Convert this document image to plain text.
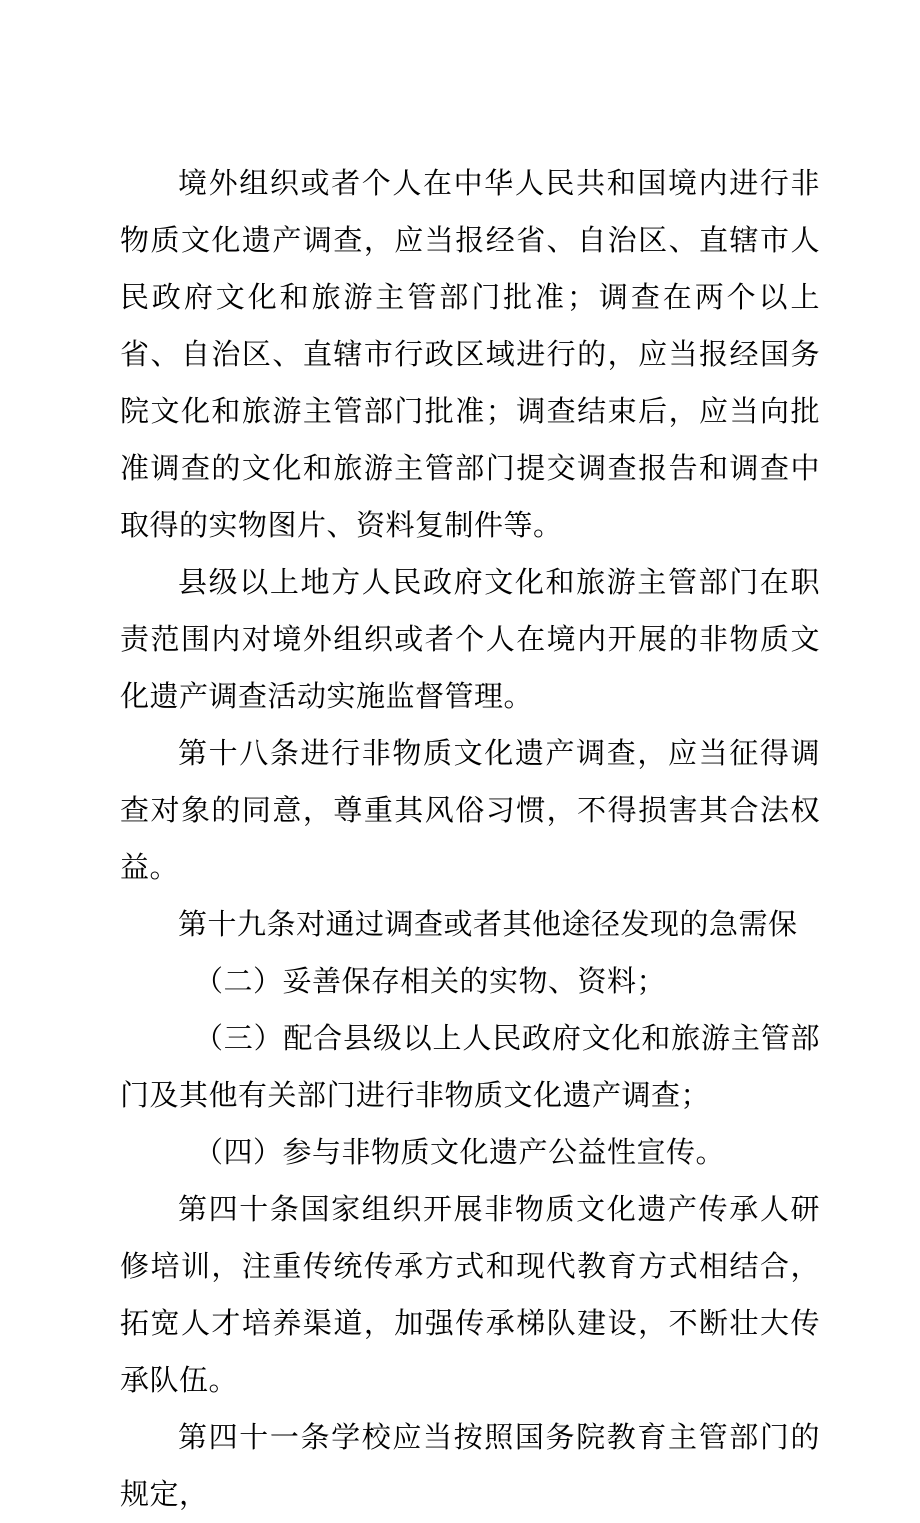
境外组织或者个人在中华人民共和国境内进行非物质文化遗产调查，应当报经省、自治区、直辖市人民政府文化和旅游主管部门批准；调查在两个以上省、自治区、直辖市行政区域进行的，应当报经国务院文化和旅游主管部门批准；调查结束后，应当向批准调查的文化和旅游主管部门提交调查报告和调查中取得的实物图片、资料复制件等。

县级以上地方人民政府文化和旅游主管部门在职责范围内对境外组织或者个人在境内开展的非物质文化遗产调查活动实施监督管理。

第十八条进行非物质文化遗产调查，应当征得调查对象的同意，尊重其风俗习惯，不得损害其合法权益。

第十九条对通过调查或者其他途径发现的急需保

（二）妥善保存相关的实物、资料；

（三）配合县级以上人民政府文化和旅游主管部门及其他有关部门进行非物质文化遗产调查；

（四）参与非物质文化遗产公益性宣传。

第四十条国家组织开展非物质文化遗产传承人研修培训，注重传统传承方式和现代教育方式相结合，拓宽人才培养渠道，加强传承梯队建设，不断壮大传承队伍。

第四十一条学校应当按照国务院教育主管部门的规定，
